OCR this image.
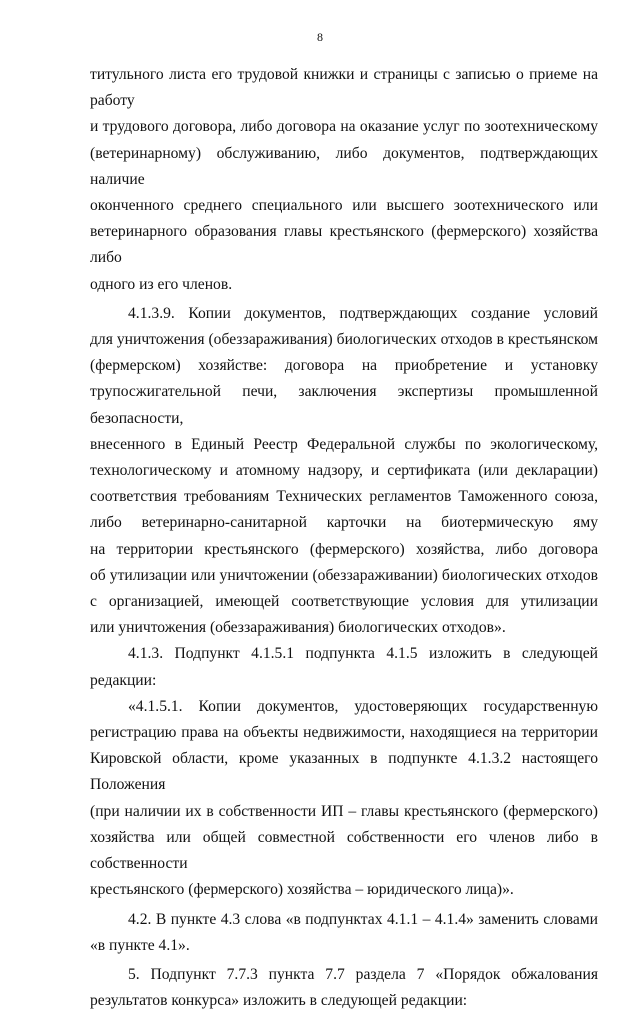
8

титульного листа его трудовой книжки и страницы с записью о приеме на работу

и трудового договора, либо договора на оказание услуг по зоотехническому

(ветеринарному) обслуживанию, либо документов, подтверждающих наличие

оконченного среднего специального или высшего зоотехнического или

ветеринарного образования главы крестьянского (фермерского) хозяйства либо

одного из его членов.

4.1.3.9. Копии документов, подтверждающих создание условий

для уничтожения (обеззараживания) биологических отходов в крестьянском

(фермерском) хозяйстве: договора на приобретение и установку

трупосжигательной печи, заключения экспертизы промышленной безопасности,

внесенного в Единый Реестр Федеральной службы по экологическому,

технологическому и атомному надзору, и сертификата (или декларации)

соответствия требованиям Технических регламентов Таможенного союза,

либо ветеринарно-санитарной карточки на биотермическую яму

на территории крестьянского (фермерского) хозяйства, либо договора

об утилизации или уничтожении (обеззараживании) биологических отходов

с организацией, имеющей соответствующие условия для утилизации

или уничтожения (обеззараживания) биологических отходов».

4.1.3. Подпункт 4.1.5.1 подпункта 4.1.5 изложить в следующей редакции:

«4.1.5.1. Копии документов, удостоверяющих государственную

регистрацию права на объекты недвижимости, находящиеся на территории

Кировской области, кроме указанных в подпункте 4.1.3.2 настоящего Положения

(при наличии их в собственности ИП – главы крестьянского (фермерского)

хозяйства или общей совместной собственности его членов либо в собственности

крестьянского (фермерского) хозяйства – юридического лица)».

4.2. В пункте 4.3 слова «в подпунктах 4.1.1 – 4.1.4» заменить словами

«в пункте 4.1».

5. Подпункт 7.7.3 пункта 7.7 раздела 7 «Порядок обжалования

результатов конкурса» изложить в следующей редакции:
